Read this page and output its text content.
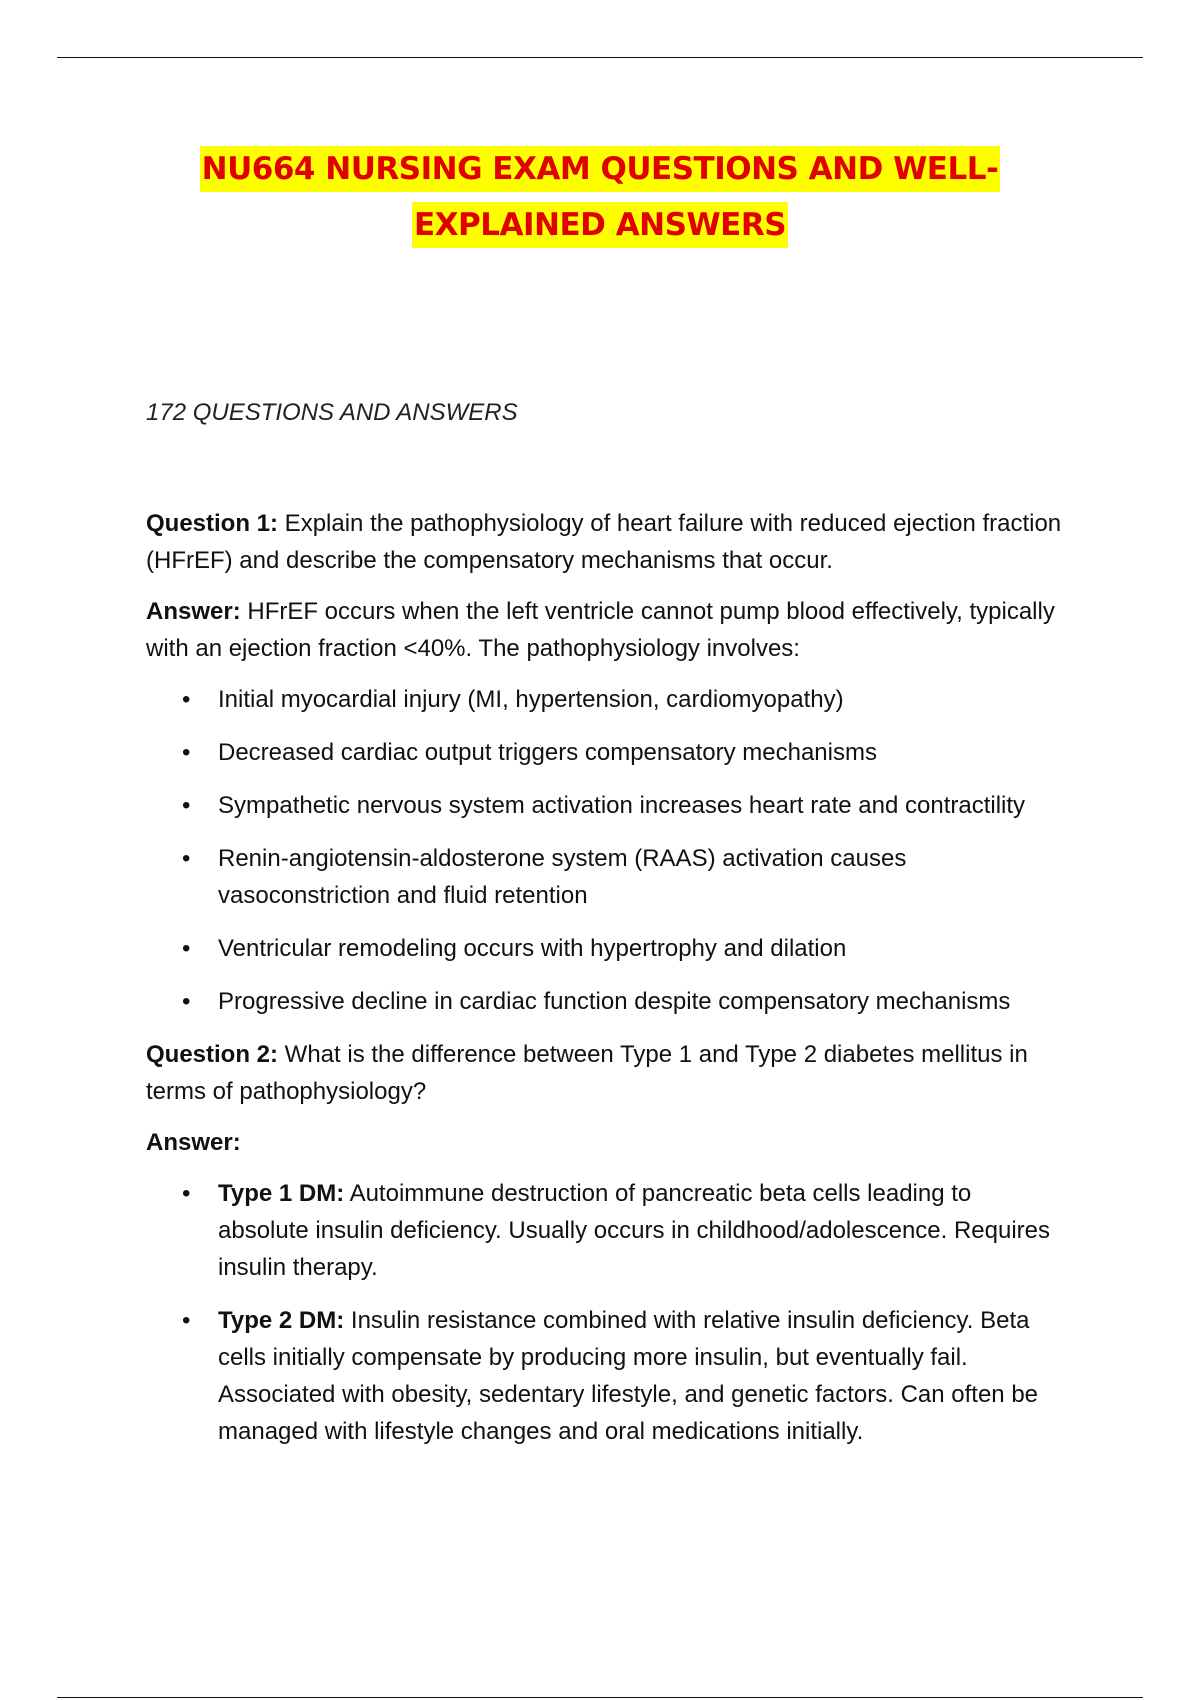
NU664 NURSING EXAM QUESTIONS AND WELL-
EXPLAINED ANSWERS
172 QUESTIONS AND ANSWERS

Question 1: Explain the pathophysiology of heart failure with reduced ejection fraction (HFrEF) and describe the compensatory mechanisms that occur.

Answer: HFrEF occurs when the left ventricle cannot pump blood effectively, typically with an ejection fraction <40%. The pathophysiology involves:

• Initial myocardial injury (MI, hypertension, cardiomyopathy)
• Decreased cardiac output triggers compensatory mechanisms
• Sympathetic nervous system activation increases heart rate and contractility
• Renin-angiotensin-aldosterone system (RAAS) activation causes vasoconstriction and fluid retention
• Ventricular remodeling occurs with hypertrophy and dilation
• Progressive decline in cardiac function despite compensatory mechanisms

Question 2: What is the difference between Type 1 and Type 2 diabetes mellitus in terms of pathophysiology?

Answer:

• Type 1 DM: Autoimmune destruction of pancreatic beta cells leading to absolute insulin deficiency. Usually occurs in childhood/adolescence. Requires insulin therapy.
• Type 2 DM: Insulin resistance combined with relative insulin deficiency. Beta cells initially compensate by producing more insulin, but eventually fail. Associated with obesity, sedentary lifestyle, and genetic factors. Can often be managed with lifestyle changes and oral medications initially.
